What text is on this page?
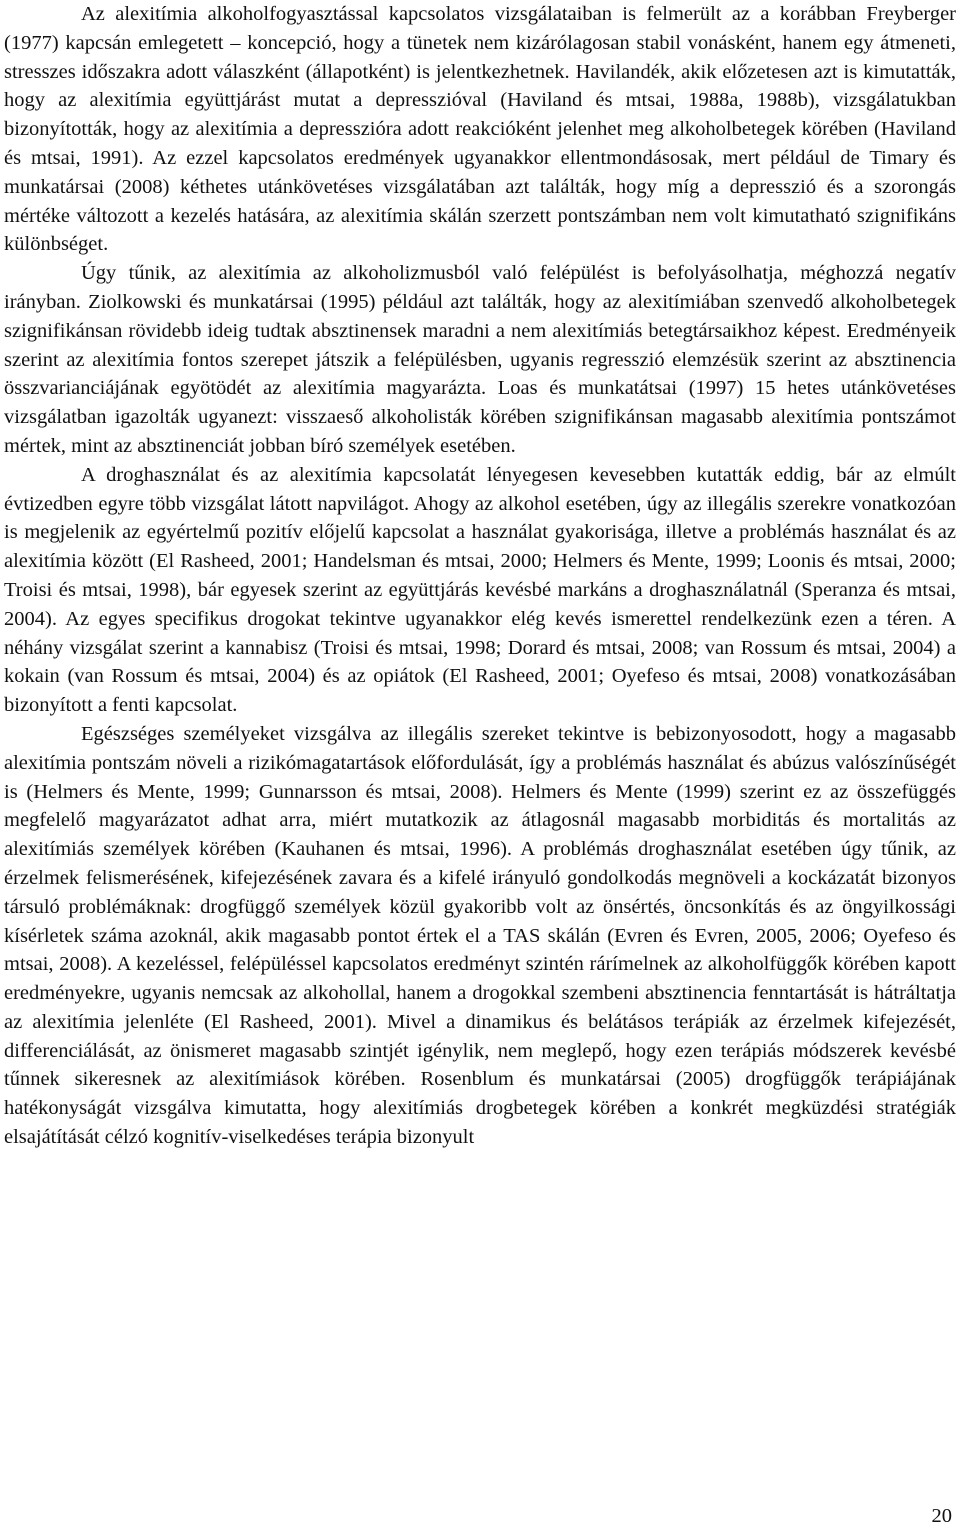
Az alexitímia alkoholfogyasztással kapcsolatos vizsgálataiban is felmerült az a korábban Freyberger (1977) kapcsán emlegetett – koncepció, hogy a tünetek nem kizárólagosan stabil vonásként, hanem egy átmeneti, stresszes időszakra adott válaszként (állapotként) is jelentkezhetnek. Havilandék, akik előzetesen azt is kimutatták, hogy az alexitímia együttjárást mutat a depresszióval (Haviland és mtsai, 1988a, 1988b), vizsgálatukban bizonyították, hogy az alexitímia a depresszióra adott reakcióként jelenhet meg alkoholbetegek körében (Haviland és mtsai, 1991). Az ezzel kapcsolatos eredmények ugyanakkor ellentmondásosak, mert például de Timary és munkatársai (2008) kéthetes utánkövetéses vizsgálatában azt találták, hogy míg a depresszió és a szorongás mértéke változott a kezelés hatására, az alexitímia skálán szerzett pontszámban nem volt kimutatható szignifikáns különbséget.

Úgy tűnik, az alexitímia az alkoholizmusból való felépülést is befolyásolhatja, méghozzá negatív irányban. Ziolkowski és munkatársai (1995) például azt találták, hogy az alexitímiában szenvedő alkoholbetegek szignifikánsan rövidebb ideig tudtak absztinensek maradni a nem alexitímiás betegtársaikhoz képest. Eredményeik szerint az alexitímia fontos szerepet játszik a felépülésben, ugyanis regresszió elemzésük szerint az absztinencia összvarianciájának egyötödét az alexitímia magyarázta. Loas és munkatátsai (1997) 15 hetes utánkövetéses vizsgálatban igazolták ugyanezt: visszaeső alkoholisták körében szignifikánsan magasabb alexitímia pontszámot mértek, mint az absztinenciát jobban bíró személyek esetében.

A droghasználat és az alexitímia kapcsolatát lényegesen kevesebben kutatták eddig, bár az elmúlt évtizedben egyre több vizsgálat látott napvilágot. Ahogy az alkohol esetében, úgy az illegális szerekre vonatkozóan is megjelenik az egyértelmű pozitív előjelű kapcsolat a használat gyakorisága, illetve a problémás használat és az alexitímia között (El Rasheed, 2001; Handelsman és mtsai, 2000; Helmers és Mente, 1999; Loonis és mtsai, 2000; Troisi és mtsai, 1998), bár egyesek szerint az együttjárás kevésbé markáns a droghasználatnál (Speranza és mtsai, 2004). Az egyes specifikus drogokat tekintve ugyanakkor elég kevés ismerettel rendelkezünk ezen a téren. A néhány vizsgálat szerint a kannabisz (Troisi és mtsai, 1998; Dorard és mtsai, 2008; van Rossum és mtsai, 2004) a kokain (van Rossum és mtsai, 2004) és az opiátok (El Rasheed, 2001; Oyefeso és mtsai, 2008) vonatkozásában bizonyított a fenti kapcsolat.

Egészséges személyeket vizsgálva az illegális szereket tekintve is bebizonyosodott, hogy a magasabb alexitímia pontszám növeli a rizikómagatartások előfordulását, így a problémás használat és abúzus valószínűségét is (Helmers és Mente, 1999; Gunnarsson és mtsai, 2008). Helmers és Mente (1999) szerint ez az összefüggés megfelelő magyarázatot adhat arra, miért mutatkozik az átlagosnál magasabb morbiditás és mortalitás az alexitímiás személyek körében (Kauhanen és mtsai, 1996). A problémás droghasználat esetében úgy tűnik, az érzelmek felismerésének, kifejezésének zavara és a kifelé irányuló gondolkodás megnöveli a kockázatát bizonyos társuló problémáknak: drogfüggő személyek közül gyakoribb volt az önsértés, öncsonkítás és az öngyilkossági kísérletek száma azoknál, akik magasabb pontot értek el a TAS skálán (Evren és Evren, 2005, 2006; Oyefeso és mtsai, 2008). A kezeléssel, felépüléssel kapcsolatos eredményt szintén rárímelnek az alkoholfüggők körében kapott eredményekre, ugyanis nemcsak az alkohollal, hanem a drogokkal szembeni absztinencia fenntartását is hátráltatja az alexitímia jelenléte (El Rasheed, 2001). Mivel a dinamikus és belátásos terápiák az érzelmek kifejezését, differenciálását, az önismeret magasabb szintjét igénylik, nem meglepő, hogy ezen terápiás módszerek kevésbé tűnnek sikeresnek az alexitímiások körében. Rosenblum és munkatársai (2005) drogfüggők terápiájának hatékonyságát vizsgálva kimutatta, hogy alexitímiás drogbetegek körében a konkrét megküzdési stratégiák elsajátítását célzó kognitív-viselkedéses terápia bizonyult

20
